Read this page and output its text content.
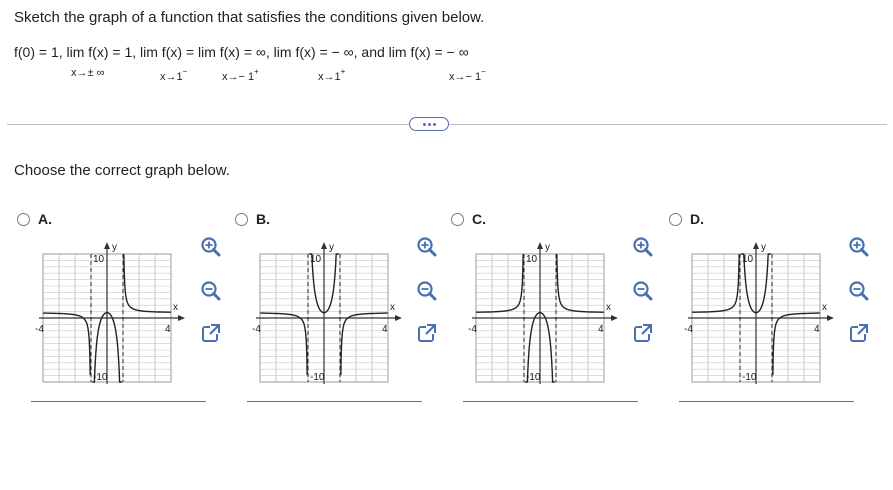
Sketch the graph of a function that satisfies the conditions given below.
f(0) = 1, lim f(x) = 1, lim f(x) = lim f(x) = ∞, lim f(x) = − ∞, and lim f(x) = − ∞
x→± ∞	x→1−	x→− 1+	x→1+	x→− 1−
Choose the correct graph below.
A.
y
x
10
-10
-4	4
B.
y
x
10
-10
-4	4
C.
y
x
10
-10
-4	4
D.
y
x
10
-10
-4	4
